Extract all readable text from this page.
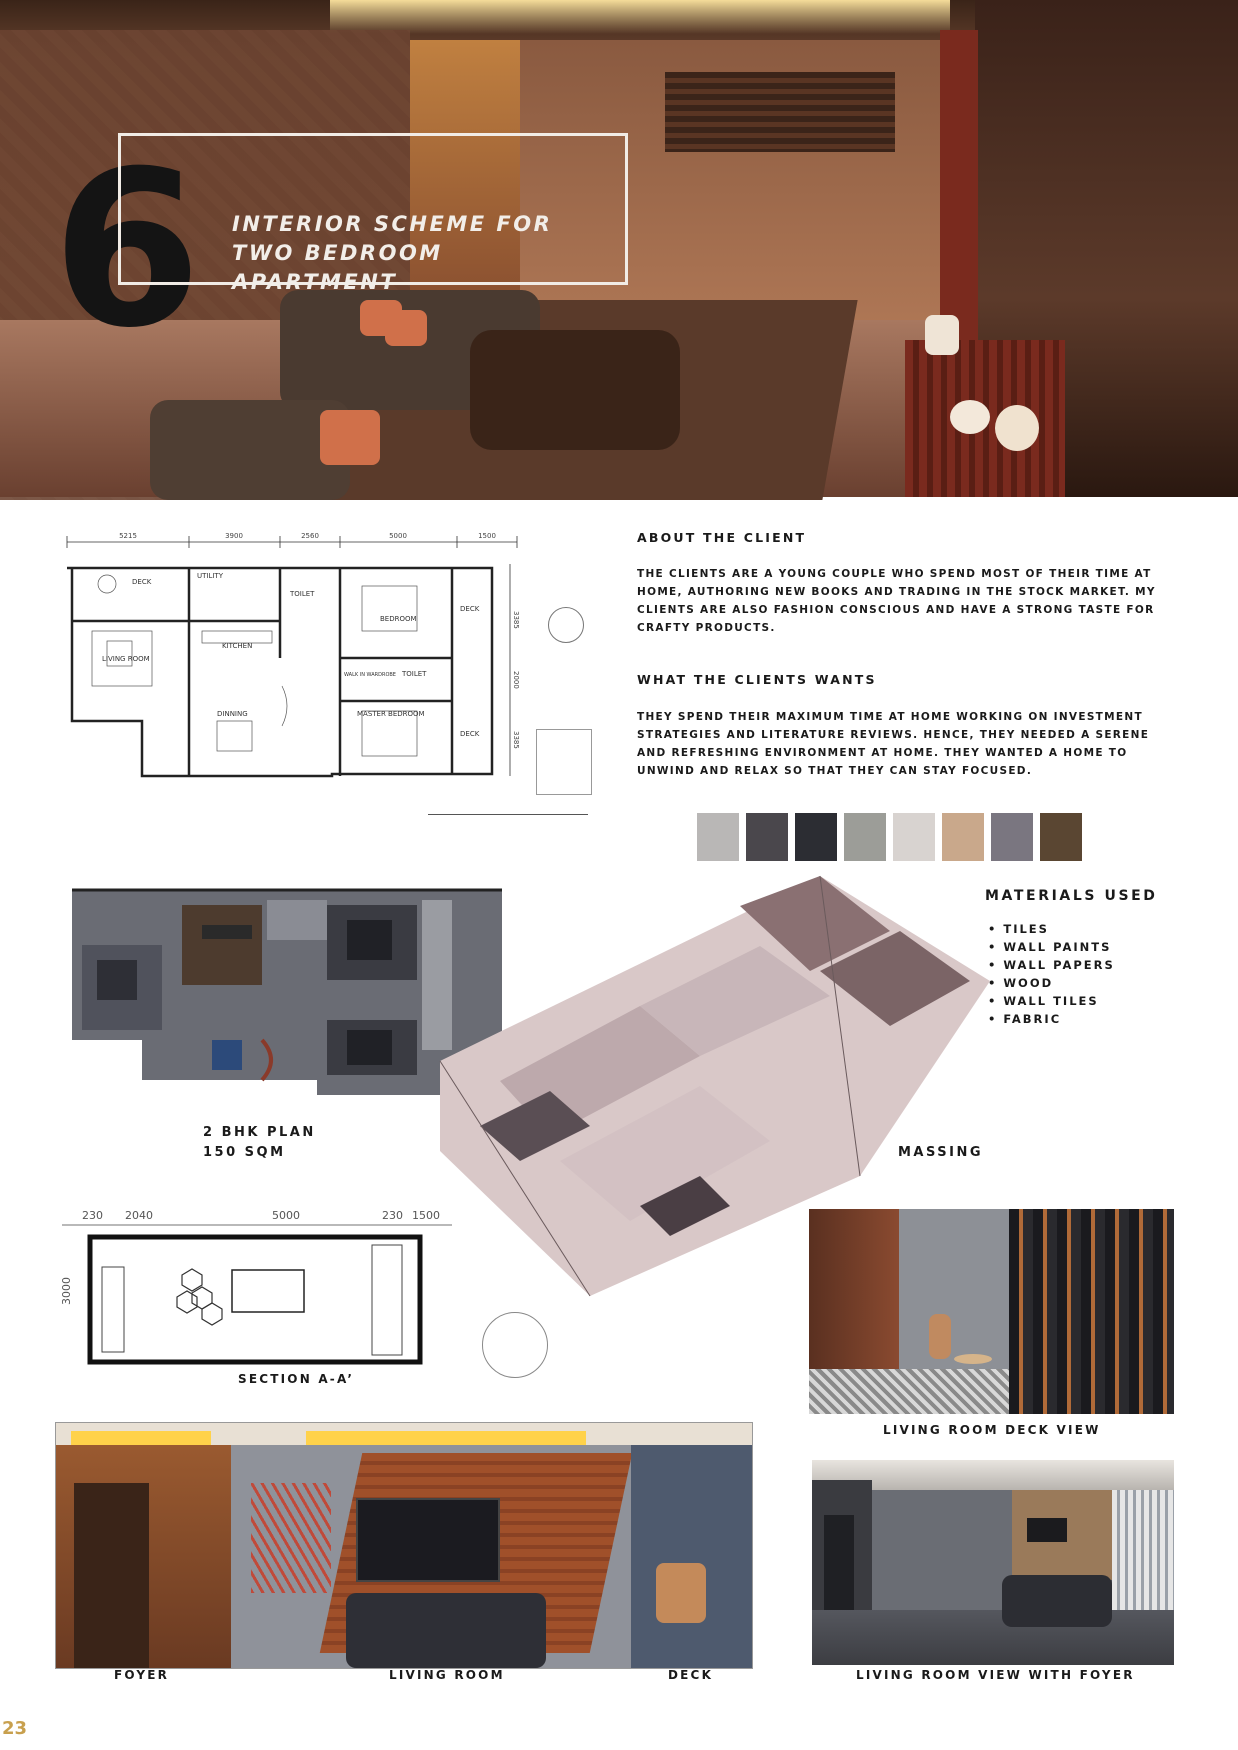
6	INTERIOR SCHEME FOR
TWO BEDROOM APARTMENT
5215	3900	2560	5000	1500
3385
2000
3385
DECK
UTILITY
TOILET
BEDROOM
DECK
LIVING ROOM
KITCHEN
WALK IN WARDROBE TOILET
DINNING	MASTER BEDROOM
DECK
ABOUT THE CLIENT
THE CLIENTS ARE A YOUNG COUPLE WHO SPEND MOST OF THEIR TIME AT HOME, AUTHORING NEW BOOKS AND TRADING IN THE STOCK MARKET. MY CLIENTS ARE ALSO FASHION CONSCIOUS AND HAVE A STRONG TASTE FOR CRAFTY PRODUCTS.
WHAT THE CLIENTS WANTS
THEY SPEND THEIR MAXIMUM TIME AT HOME WORKING ON INVESTMENT STRATEGIES AND LITERATURE REVIEWS. HENCE, THEY NEEDED A SERENE AND REFRESHING ENVIRONMENT AT HOME. THEY WANTED A HOME TO UNWIND AND RELAX SO THAT THEY CAN STAY FOCUSED.
MATERIALS USED
• TILES
• WALL PAINTS
• WALL PAPERS
• WOOD
• WALL TILES
• FABRIC
2 BHK PLAN
150 SQM	MASSING
230 2040	5000	230 1500
3000
SECTION A-A’
LIVING ROOM DECK VIEW
LIVING ROOM VIEW WITH FOYER
FOYER	LIVING ROOM	DECK
23
